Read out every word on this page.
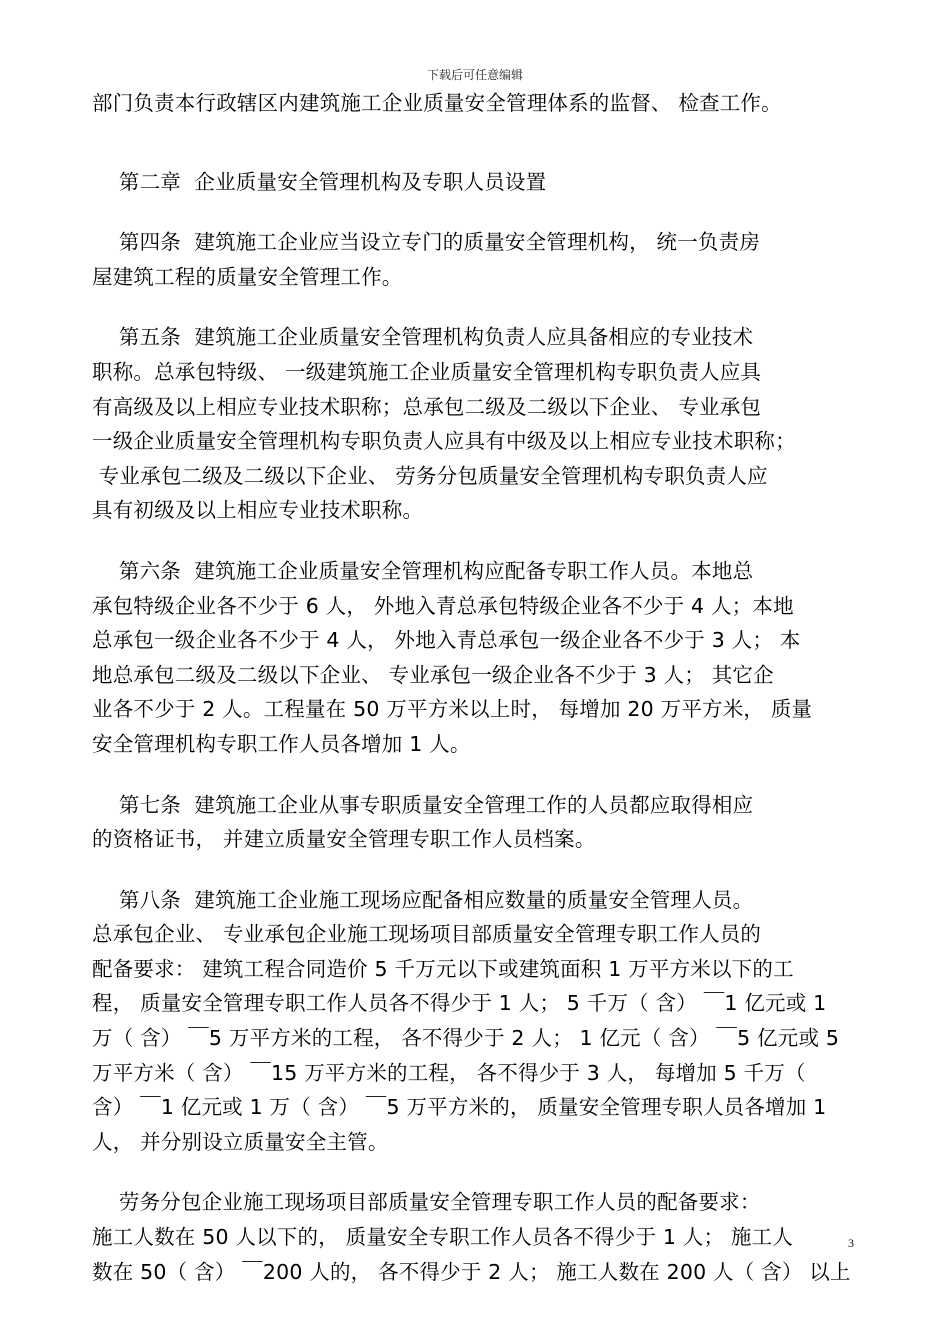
下载后可任意编辑
部门负责本行政辖区内建筑施工企业质量安全管理体系的监督、 检查工作。
第二章  企业质量安全管理机构及专职人员设置
第四条  建筑施工企业应当设立专门的质量安全管理机构， 统一负责房
屋建筑工程的质量安全管理工作。
第五条  建筑施工企业质量安全管理机构负责人应具备相应的专业技术
职称。总承包特级、 一级建筑施工企业质量安全管理机构专职负责人应具
有高级及以上相应专业技术职称；总承包二级及二级以下企业、 专业承包
一级企业质量安全管理机构专职负责人应具有中级及以上相应专业技术职称；
专业承包二级及二级以下企业、 劳务分包质量安全管理机构专职负责人应
具有初级及以上相应专业技术职称。
第六条  建筑施工企业质量安全管理机构应配备专职工作人员。本地总
承包特级企业各不少于 6 人， 外地入青总承包特级企业各不少于 4 人；本地
总承包一级企业各不少于 4 人， 外地入青总承包一级企业各不少于 3 人； 本
地总承包二级及二级以下企业、 专业承包一级企业各不少于 3 人； 其它企
业各不少于 2 人。工程量在 50 万平方米以上时， 每增加 20 万平方米， 质量
安全管理机构专职工作人员各增加 1 人。
第七条  建筑施工企业从事专职质量安全管理工作的人员都应取得相应
的资格证书， 并建立质量安全管理专职工作人员档案。
第八条  建筑施工企业施工现场应配备相应数量的质量安全管理人员。
总承包企业、 专业承包企业施工现场项目部质量安全管理专职工作人员的
配备要求： 建筑工程合同造价 5 千万元以下或建筑面积 1 万平方米以下的工
程， 质量安全管理专职工作人员各不得少于 1 人； 5 千万（ 含） ￣1 亿元或 1
万（ 含） ￣5 万平方米的工程， 各不得少于 2 人； 1 亿元（ 含） ￣5 亿元或 5
万平方米（ 含） ￣15 万平方米的工程， 各不得少于 3 人， 每增加 5 千万（
含） ￣1 亿元或 1 万（ 含） ￣5 万平方米的， 质量安全管理专职人员各增加 1
人， 并分别设立质量安全主管。
劳务分包企业施工现场项目部质量安全管理专职工作人员的配备要求：
施工人数在 50 人以下的， 质量安全专职工作人员各不得少于 1 人； 施工人
数在 50（ 含） ￣200 人的， 各不得少于 2 人； 施工人数在 200 人（ 含） 以上
3
